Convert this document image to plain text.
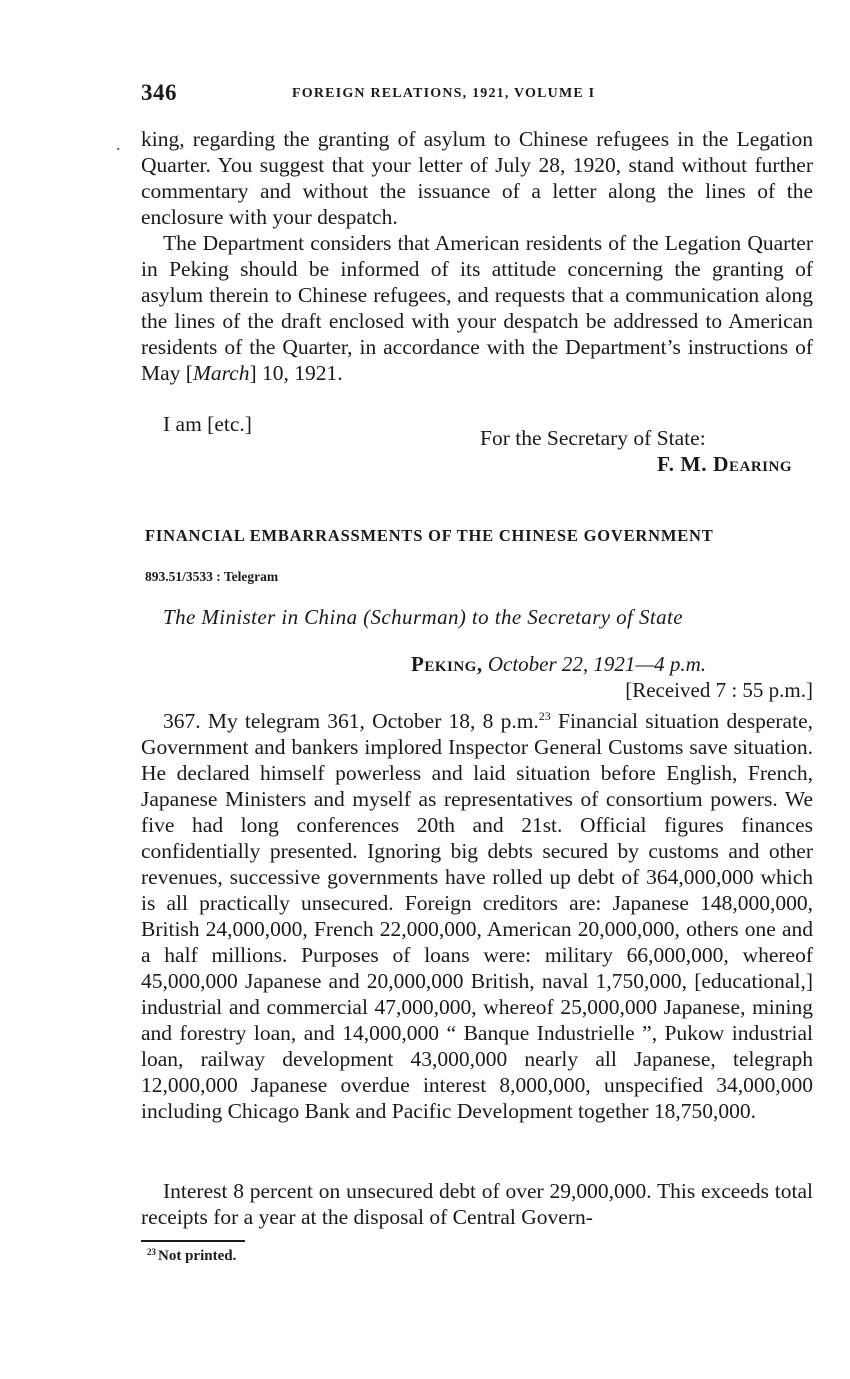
346	FOREIGN RELATIONS, 1921, VOLUME I
. king, regarding the granting of asylum to Chinese refugees in the Legation Quarter. You suggest that your letter of July 28, 1920, stand without further commentary and without the issuance of a letter along the lines of the enclosure with your despatch.

The Department considers that American residents of the Legation Quarter in Peking should be informed of its attitude concerning the granting of asylum therein to Chinese refugees, and requests that a communication along the lines of the draft enclosed with your despatch be addressed to American residents of the Quarter, in accordance with the Department’s instructions of May [March] 10, 1921.

I am [etc.]
For the Secretary of State:
F. M. Dearing
FINANCIAL EMBARRASSMENTS OF THE CHINESE GOVERNMENT
893.51/3533 : Telegram
The Minister in China (Schurman) to the Secretary of State
Peking, October 22, 1921—4 p.m.
[Received 7 : 55 p.m.]

367. My telegram 361, October 18, 8 p.m.$^{23}$ Financial situation desperate, Government and bankers implored Inspector General Customs save situation. He declared himself powerless and laid situation before English, French, Japanese Ministers and myself as representatives of consortium powers. We five had long conferences 20th and 21st. Official figures finances confidentially presented. Ignoring big debts secured by customs and other revenues, successive governments have rolled up debt of 364,000,000 which is all practically unsecured. Foreign creditors are: Japanese 148,000,000, British 24,000,000, French 22,000,000, American 20,000,000, others one and a half millions. Purposes of loans were: military 66,000,000, whereof 45,000,000 Japanese and 20,000,000 British, naval 1,750,000, [educational,] industrial and commercial 47,000,000, whereof 25,000,000 Japanese, mining and forestry loan, and 14,000,000 “ Banque Industrielle ”, Pukow industrial loan, railway development 43,000,000 nearly all Japanese, telegraph 12,000,000 Japanese overdue interest 8,000,000, unspecified 34,000,000 including Chicago Bank and Pacific Development together 18,750,000.

Interest 8 percent on unsecured debt of over 29,000,000. This exceeds total receipts for a year at the disposal of Central Govern-

$^{23}$ Not printed.
